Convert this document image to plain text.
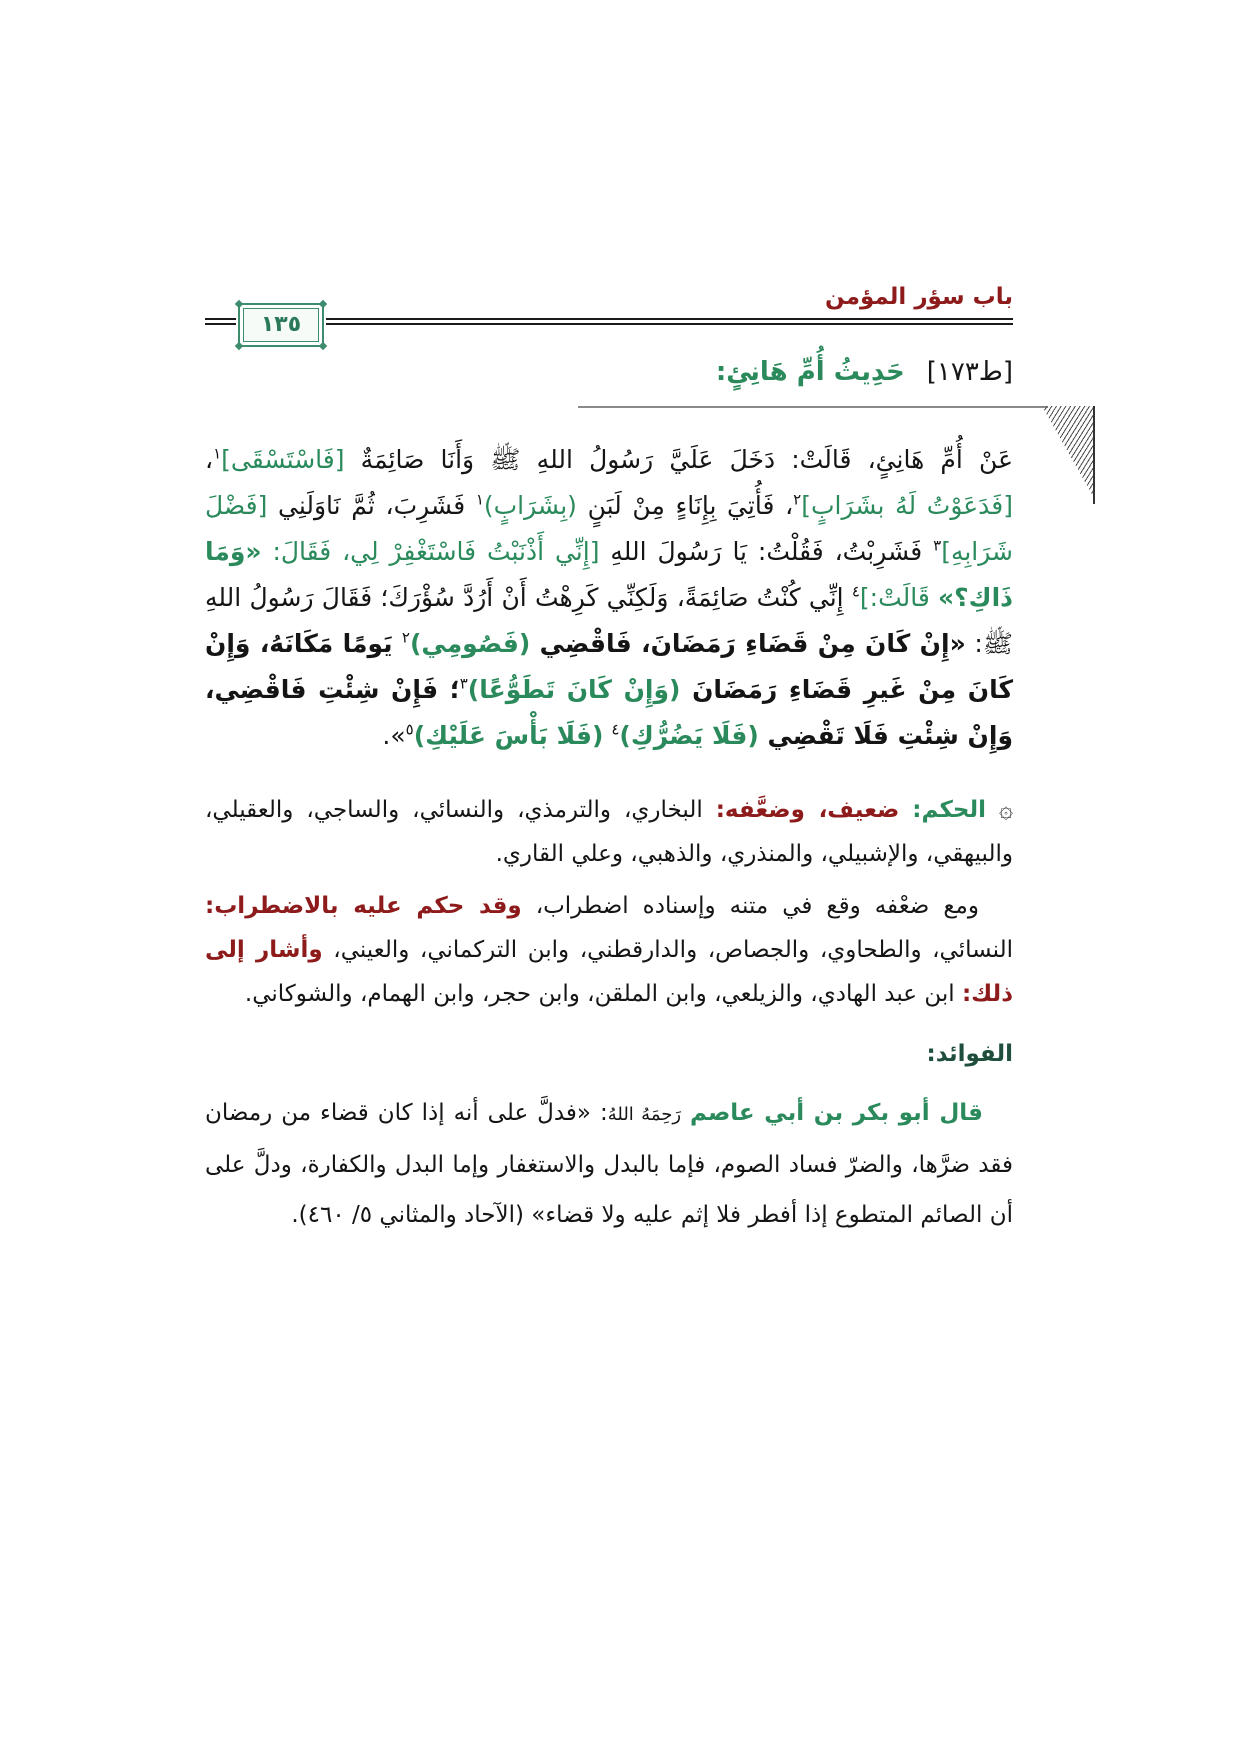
باب سؤر المؤمن
١٣٥
[١٧٣ط]حَدِيثُ أُمِّ هَانِئٍ:

عَنْ أُمِّ هَانِئٍ، قَالَتْ: دَخَلَ عَلَيَّ رَسُولُ اللهِ ﷺ وَأَنَا صَائِمَةٌ [فَاسْتَسْقَى]$^١$، [فَدَعَوْتُ لَهُ بشَرَابٍ]$^٢$، فَأُتِيَ بِإِنَاءٍ مِنْ لَبَنٍ (بِشَرَابٍ)$^١$ فَشَرِبَ، ثُمَّ نَاوَلَنِي [فَضْلَ شَرَابِهِ]$^٣$ فَشَرِبْتُ، فَقُلْتُ: يَا رَسُولَ اللهِ [إِنِّي أَذْنَبْتُ فَاسْتَغْفِرْ لِي، فَقَالَ: «وَمَا ذَاكِ؟» قَالَتْ:]$^٤$ إِنِّي كُنْتُ صَائِمَةً، وَلَكِنِّي كَرِهْتُ أَنْ أَرُدَّ سُؤْرَكَ؛ فَقَالَ رَسُولُ اللهِ ﷺ: «إِنْ كَانَ مِنْ قَضَاءِ رَمَضَانَ، فَاقْضِي (فَصُومِي)$^٢$ يَومًا مَكَانَهُ، وَإِنْ كَانَ مِنْ غَيرِ قَضَاءِ رَمَضَانَ (وَإِنْ كَانَ تَطَوُّعًا)$^٣$؛ فَإِنْ شِئْتِ فَاقْضِي، وَإِنْ شِئْتِ فَلَا تَقْضِي (فَلَا يَضُرُّكِ)$^٤$ (فَلَا بَأْسَ عَلَيْكِ)$^٥$».

۞ الحكم: ضعيف، وضعَّفه: البخاري، والترمذي، والنسائي، والساجي، والعقيلي، والبيهقي، والإشبيلي، والمنذري، والذهبي، وعلي القاري.

ومع ضعْفه وقع في متنه وإسناده اضطراب، وقد حكم عليه بالاضطراب: النسائي، والطحاوي، والجصاص، والدارقطني، وابن التركماني، والعيني، وأشار إلى ذلك: ابن عبد الهادي، والزيلعي، وابن الملقن، وابن حجر، وابن الهمام، والشوكاني.

الفوائد:

قال أبو بكر بن أبي عاصم رَحِمَهُ اللهُ: «فدلَّ على أنه إذا كان قضاء من رمضان فقد ضرَّها، والضرّ فساد الصوم، فإما بالبدل والاستغفار وإما البدل والكفارة، ودلَّ على أن الصائم المتطوع إذا أفطر فلا إثم عليه ولا قضاء» (الآحاد والمثاني ٥/ ٤٦٠).
